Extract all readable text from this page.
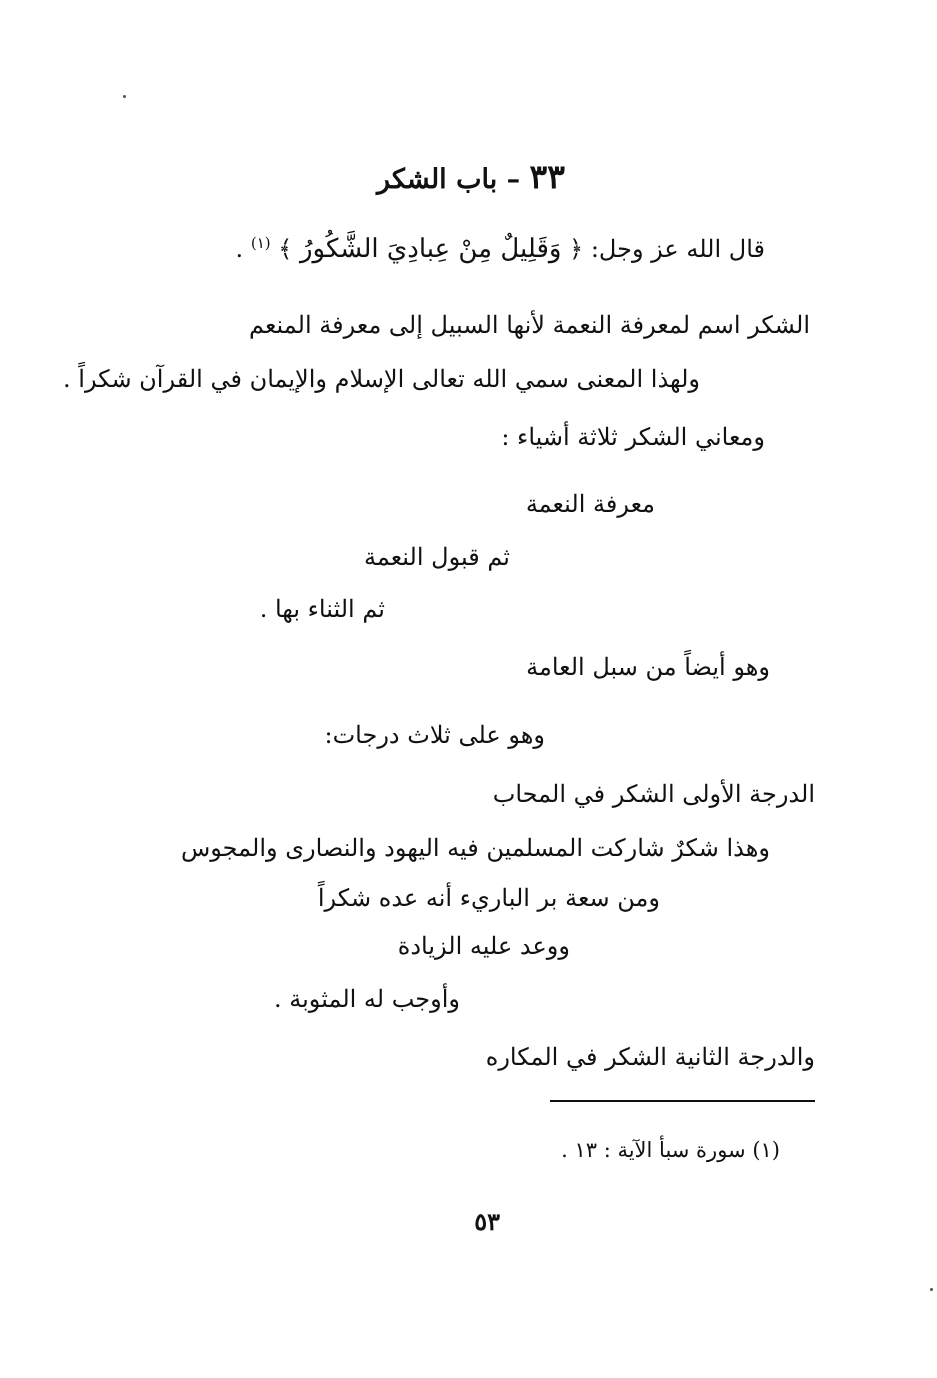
٣٣ – باب الشكر
قال الله عز وجل: ﴿ وَقَلِيلٌ مِنْ عِبادِيَ الشَّكُورُ ﴾ $^{(١)}$ .
الشكر اسم لمعرفة النعمة لأنها السبيل إلى معرفة المنعم
ولهذا المعنى سمي الله تعالى الإسلام والإيمان في القرآن شكراً .
ومعاني الشكر ثلاثة أشياء :
معرفة النعمة
ثم قبول النعمة
ثم الثناء بها .
وهو أيضاً من سبل العامة
وهو على ثلاث درجات:
الدرجة الأولى الشكر في المحاب
وهذا شكرٌ شاركت المسلمين فيه اليهود والنصارى والمجوس
ومن سعة بر الباريء أنه عده شكراً
ووعد عليه الزيادة
وأوجب له المثوبة .
والدرجة الثانية الشكر في المكاره
(١) سورة سبأ الآية : ١٣ .
٥٣
